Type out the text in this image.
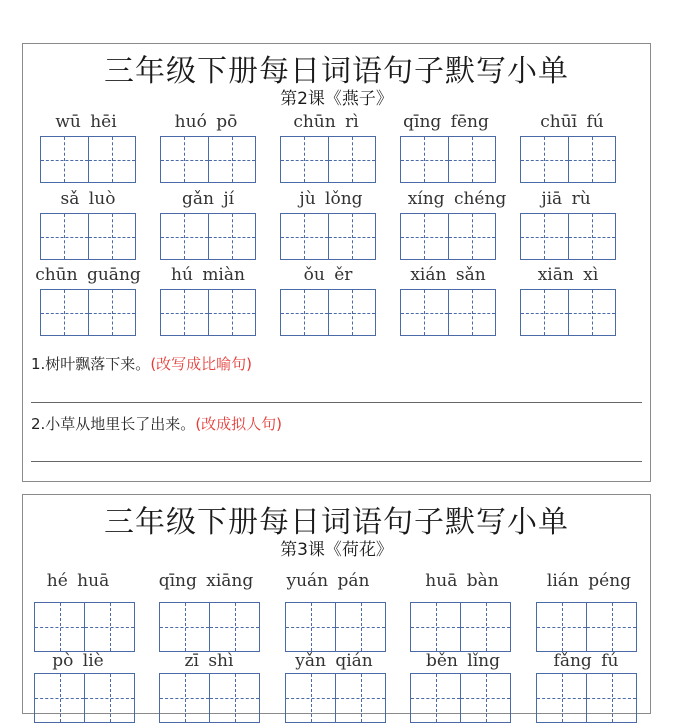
三年级下册每日词语句子默写小单
第2课《燕子》
wū hēi	huó pō	chūn rì	qīng fēng	chūī fú
sǎ luò	gǎn jí	jù lǒng	xíng chéng	jiā rù
chūn guāng	hú miàn	ǒu ěr	xián sǎn	xiān xì
1.树叶飘落下来。(改写成比喻句)
2.小草从地里长了出来。(改成拟人句)
三年级下册每日词语句子默写小单
第3课《荷花》
hé huā	qīng xiāng	yuán pán	huā bàn	lián péng
pò liè	zī shì	yǎn qián	běn lǐng	fǎng fú
